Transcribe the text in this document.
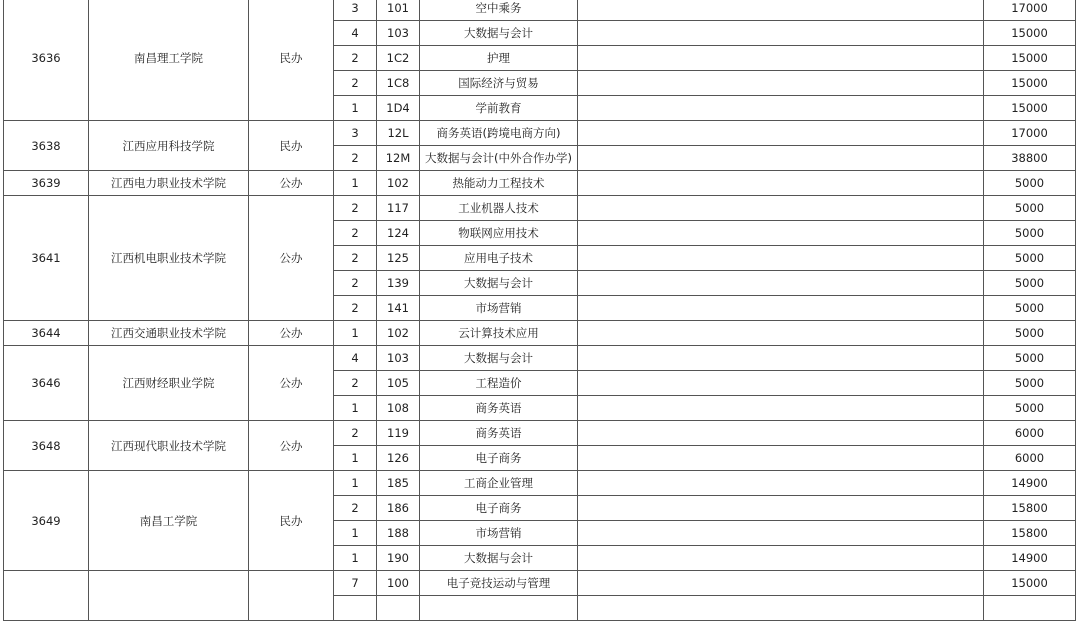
3636	南昌理工学院	民办	3	101	空中乘务		17000
			4	103	大数据与会计		15000
			2	1C2	护理		15000
			2	1C8	国际经济与贸易		15000
			1	1D4	学前教育		15000
3638	江西应用科技学院	民办	3	12L	商务英语(跨境电商方向)		17000
			2	12M	大数据与会计(中外合作办学)		38800
3639	江西电力职业技术学院	公办	1	102	热能动力工程技术		5000
3641	江西机电职业技术学院	公办	2	117	工业机器人技术		5000
			2	124	物联网应用技术		5000
			2	125	应用电子技术		5000
			2	139	大数据与会计		5000
			2	141	市场营销		5000
3644	江西交通职业技术学院	公办	1	102	云计算技术应用		5000
3646	江西财经职业学院	公办	4	103	大数据与会计		5000
			2	105	工程造价		5000
			1	108	商务英语		5000
3648	江西现代职业技术学院	公办	2	119	商务英语		6000
			1	126	电子商务		6000
3649	南昌工学院	民办	1	185	工商企业管理		14900
			2	186	电子商务		15800
			1	188	市场营销		15800
			1	190	大数据与会计		14900
			7	100	电子竞技运动与管理		15000
